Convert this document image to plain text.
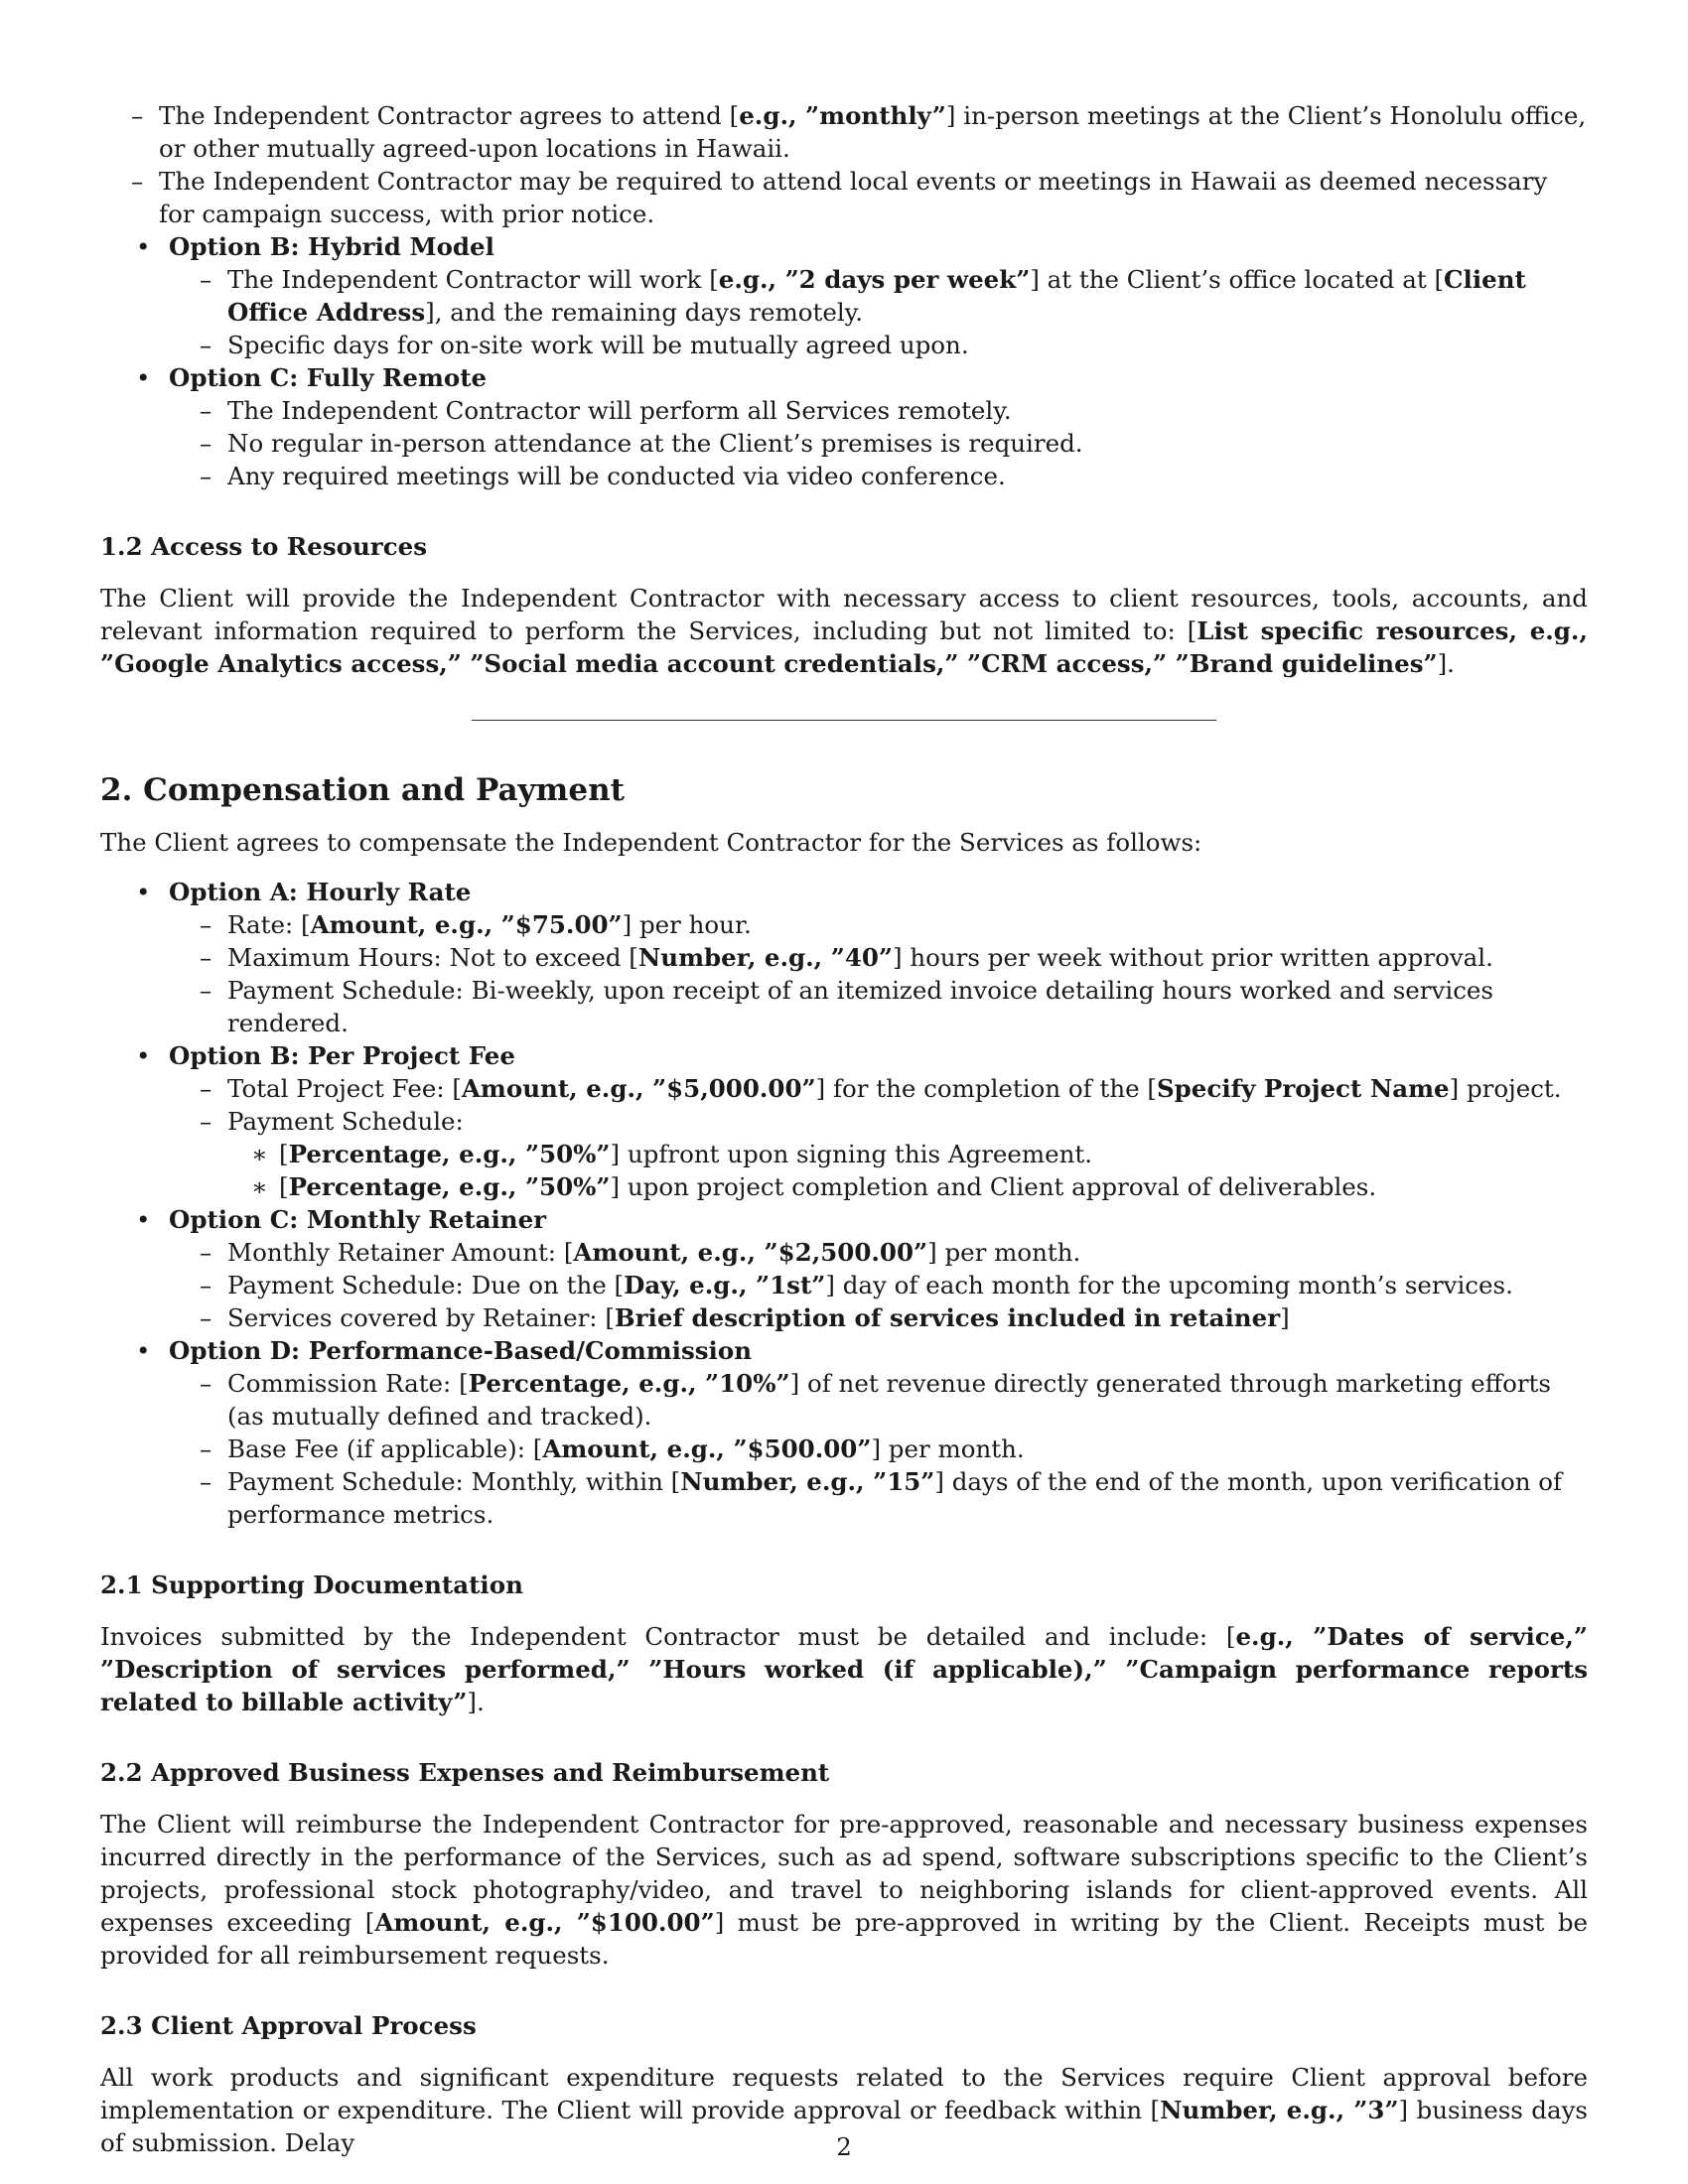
– The Independent Contractor agrees to attend [e.g., ”monthly”] in-person meetings at the Client’s Honolulu office, or other mutually agreed-upon locations in Hawaii.
– The Independent Contractor may be required to attend local events or meetings in Hawaii as deemed necessary for campaign success, with prior notice.
• Option B: Hybrid Model
– The Independent Contractor will work [e.g., ”2 days per week”] at the Client’s office located at [Client Office Address], and the remaining days remotely.
– Specific days for on-site work will be mutually agreed upon.
• Option C: Fully Remote
– The Independent Contractor will perform all Services remotely.
– No regular in-person attendance at the Client’s premises is required.
– Any required meetings will be conducted via video conference.
1.2 Access to Resources

The Client will provide the Independent Contractor with necessary access to client resources, tools, accounts, and relevant information required to perform the Services, including but not limited to: [List specific resources, e.g., ”Google Analytics access,” ”Social media account credentials,” ”CRM access,” ”Brand guidelines”].

2. Compensation and Payment

The Client agrees to compensate the Independent Contractor for the Services as follows:

• Option A: Hourly Rate
– Rate: [Amount, e.g., ”$75.00”] per hour.
– Maximum Hours: Not to exceed [Number, e.g., ”40”] hours per week without prior written approval.
– Payment Schedule: Bi-weekly, upon receipt of an itemized invoice detailing hours worked and services rendered.
• Option B: Per Project Fee
– Total Project Fee: [Amount, e.g., ”$5,000.00”] for the completion of the [Specify Project Name] project.
– Payment Schedule:
∗ [Percentage, e.g., ”50%”] upfront upon signing this Agreement.
∗ [Percentage, e.g., ”50%”] upon project completion and Client approval of deliverables.
• Option C: Monthly Retainer
– Monthly Retainer Amount: [Amount, e.g., ”$2,500.00”] per month.
– Payment Schedule: Due on the [Day, e.g., ”1st”] day of each month for the upcoming month’s services.
– Services covered by Retainer: [Brief description of services included in retainer]
• Option D: Performance-Based/Commission
– Commission Rate: [Percentage, e.g., ”10%”] of net revenue directly generated through marketing efforts (as mutually defined and tracked).
– Base Fee (if applicable): [Amount, e.g., ”$500.00”] per month.
– Payment Schedule: Monthly, within [Number, e.g., ”15”] days of the end of the month, upon verification of performance metrics.
2.1 Supporting Documentation

Invoices submitted by the Independent Contractor must be detailed and include: [e.g., ”Dates of service,” ”Description of services performed,” ”Hours worked (if applicable),” ”Campaign performance reports related to billable activity”].

2.2 Approved Business Expenses and Reimbursement

The Client will reimburse the Independent Contractor for pre-approved, reasonable and necessary business expenses incurred directly in the performance of the Services, such as ad spend, software subscriptions specific to the Client’s projects, professional stock photography/video, and travel to neighboring islands for client-approved events. All expenses exceeding [Amount, e.g., ”$100.00”] must be pre-approved in writing by the Client. Receipts must be provided for all reimbursement requests.

2.3 Client Approval Process

All work products and significant expenditure requests related to the Services require Client approval before implementation or expenditure. The Client will provide approval or feedback within [Number, e.g., ”3”] business days of submission. Delay	2
